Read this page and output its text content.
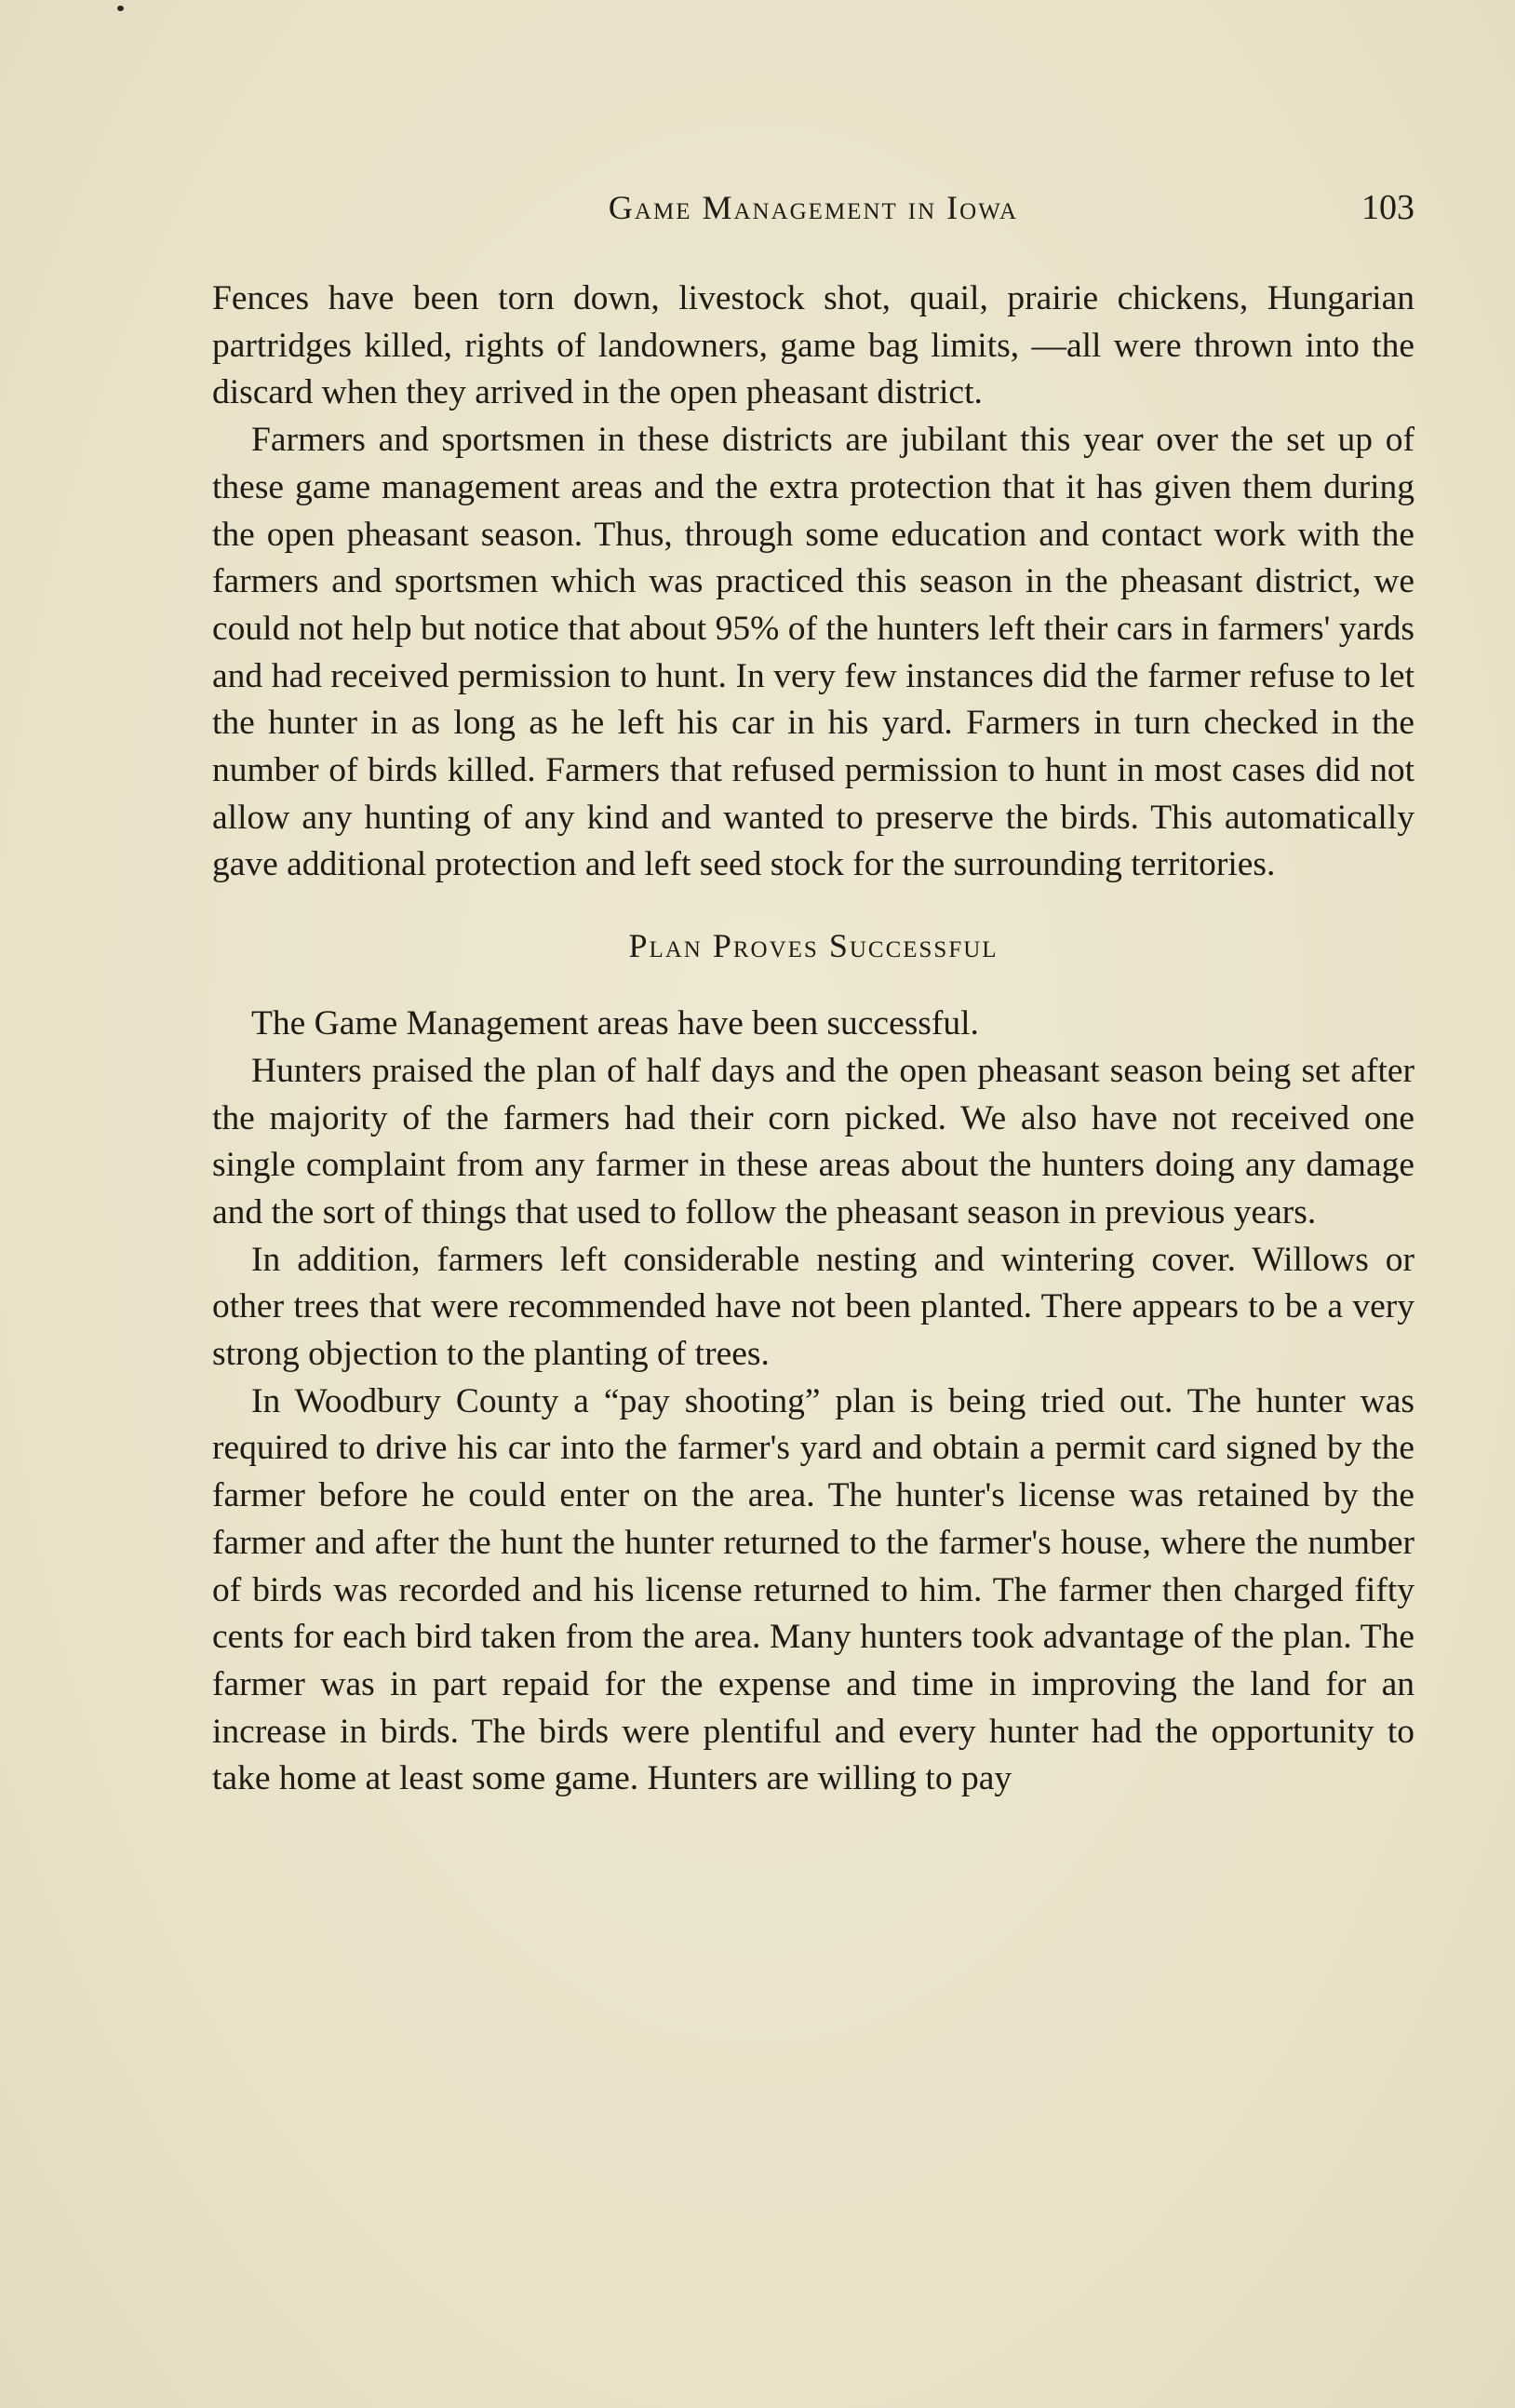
Game Management in Iowa	103

Fences have been torn down, livestock shot, quail, prairie chickens, Hungarian partridges killed, rights of landowners, game bag limits, —all were thrown into the discard when they arrived in the open pheasant district.

Farmers and sportsmen in these districts are jubilant this year over the set up of these game management areas and the extra protection that it has given them during the open pheasant season. Thus, through some education and contact work with the farmers and sportsmen which was practiced this season in the pheasant district, we could not help but notice that about 95% of the hunters left their cars in farmers' yards and had received permission to hunt. In very few instances did the farmer refuse to let the hunter in as long as he left his car in his yard. Farmers in turn checked in the number of birds killed. Farmers that refused permission to hunt in most cases did not allow any hunting of any kind and wanted to preserve the birds. This automatically gave additional protection and left seed stock for the surrounding territories.

Plan Proves Successful

The Game Management areas have been successful.

Hunters praised the plan of half days and the open pheasant season being set after the majority of the farmers had their corn picked. We also have not received one single complaint from any farmer in these areas about the hunters doing any damage and the sort of things that used to follow the pheasant season in previous years.

In addition, farmers left considerable nesting and wintering cover. Willows or other trees that were recommended have not been planted. There appears to be a very strong objection to the planting of trees.

In Woodbury County a “pay shooting” plan is being tried out. The hunter was required to drive his car into the farmer's yard and obtain a permit card signed by the farmer before he could enter on the area. The hunter's license was retained by the farmer and after the hunt the hunter returned to the farmer's house, where the number of birds was recorded and his license returned to him. The farmer then charged fifty cents for each bird taken from the area. Many hunters took advantage of the plan. The farmer was in part repaid for the expense and time in improving the land for an increase in birds. The birds were plentiful and every hunter had the opportunity to take home at least some game. Hunters are willing to pay
